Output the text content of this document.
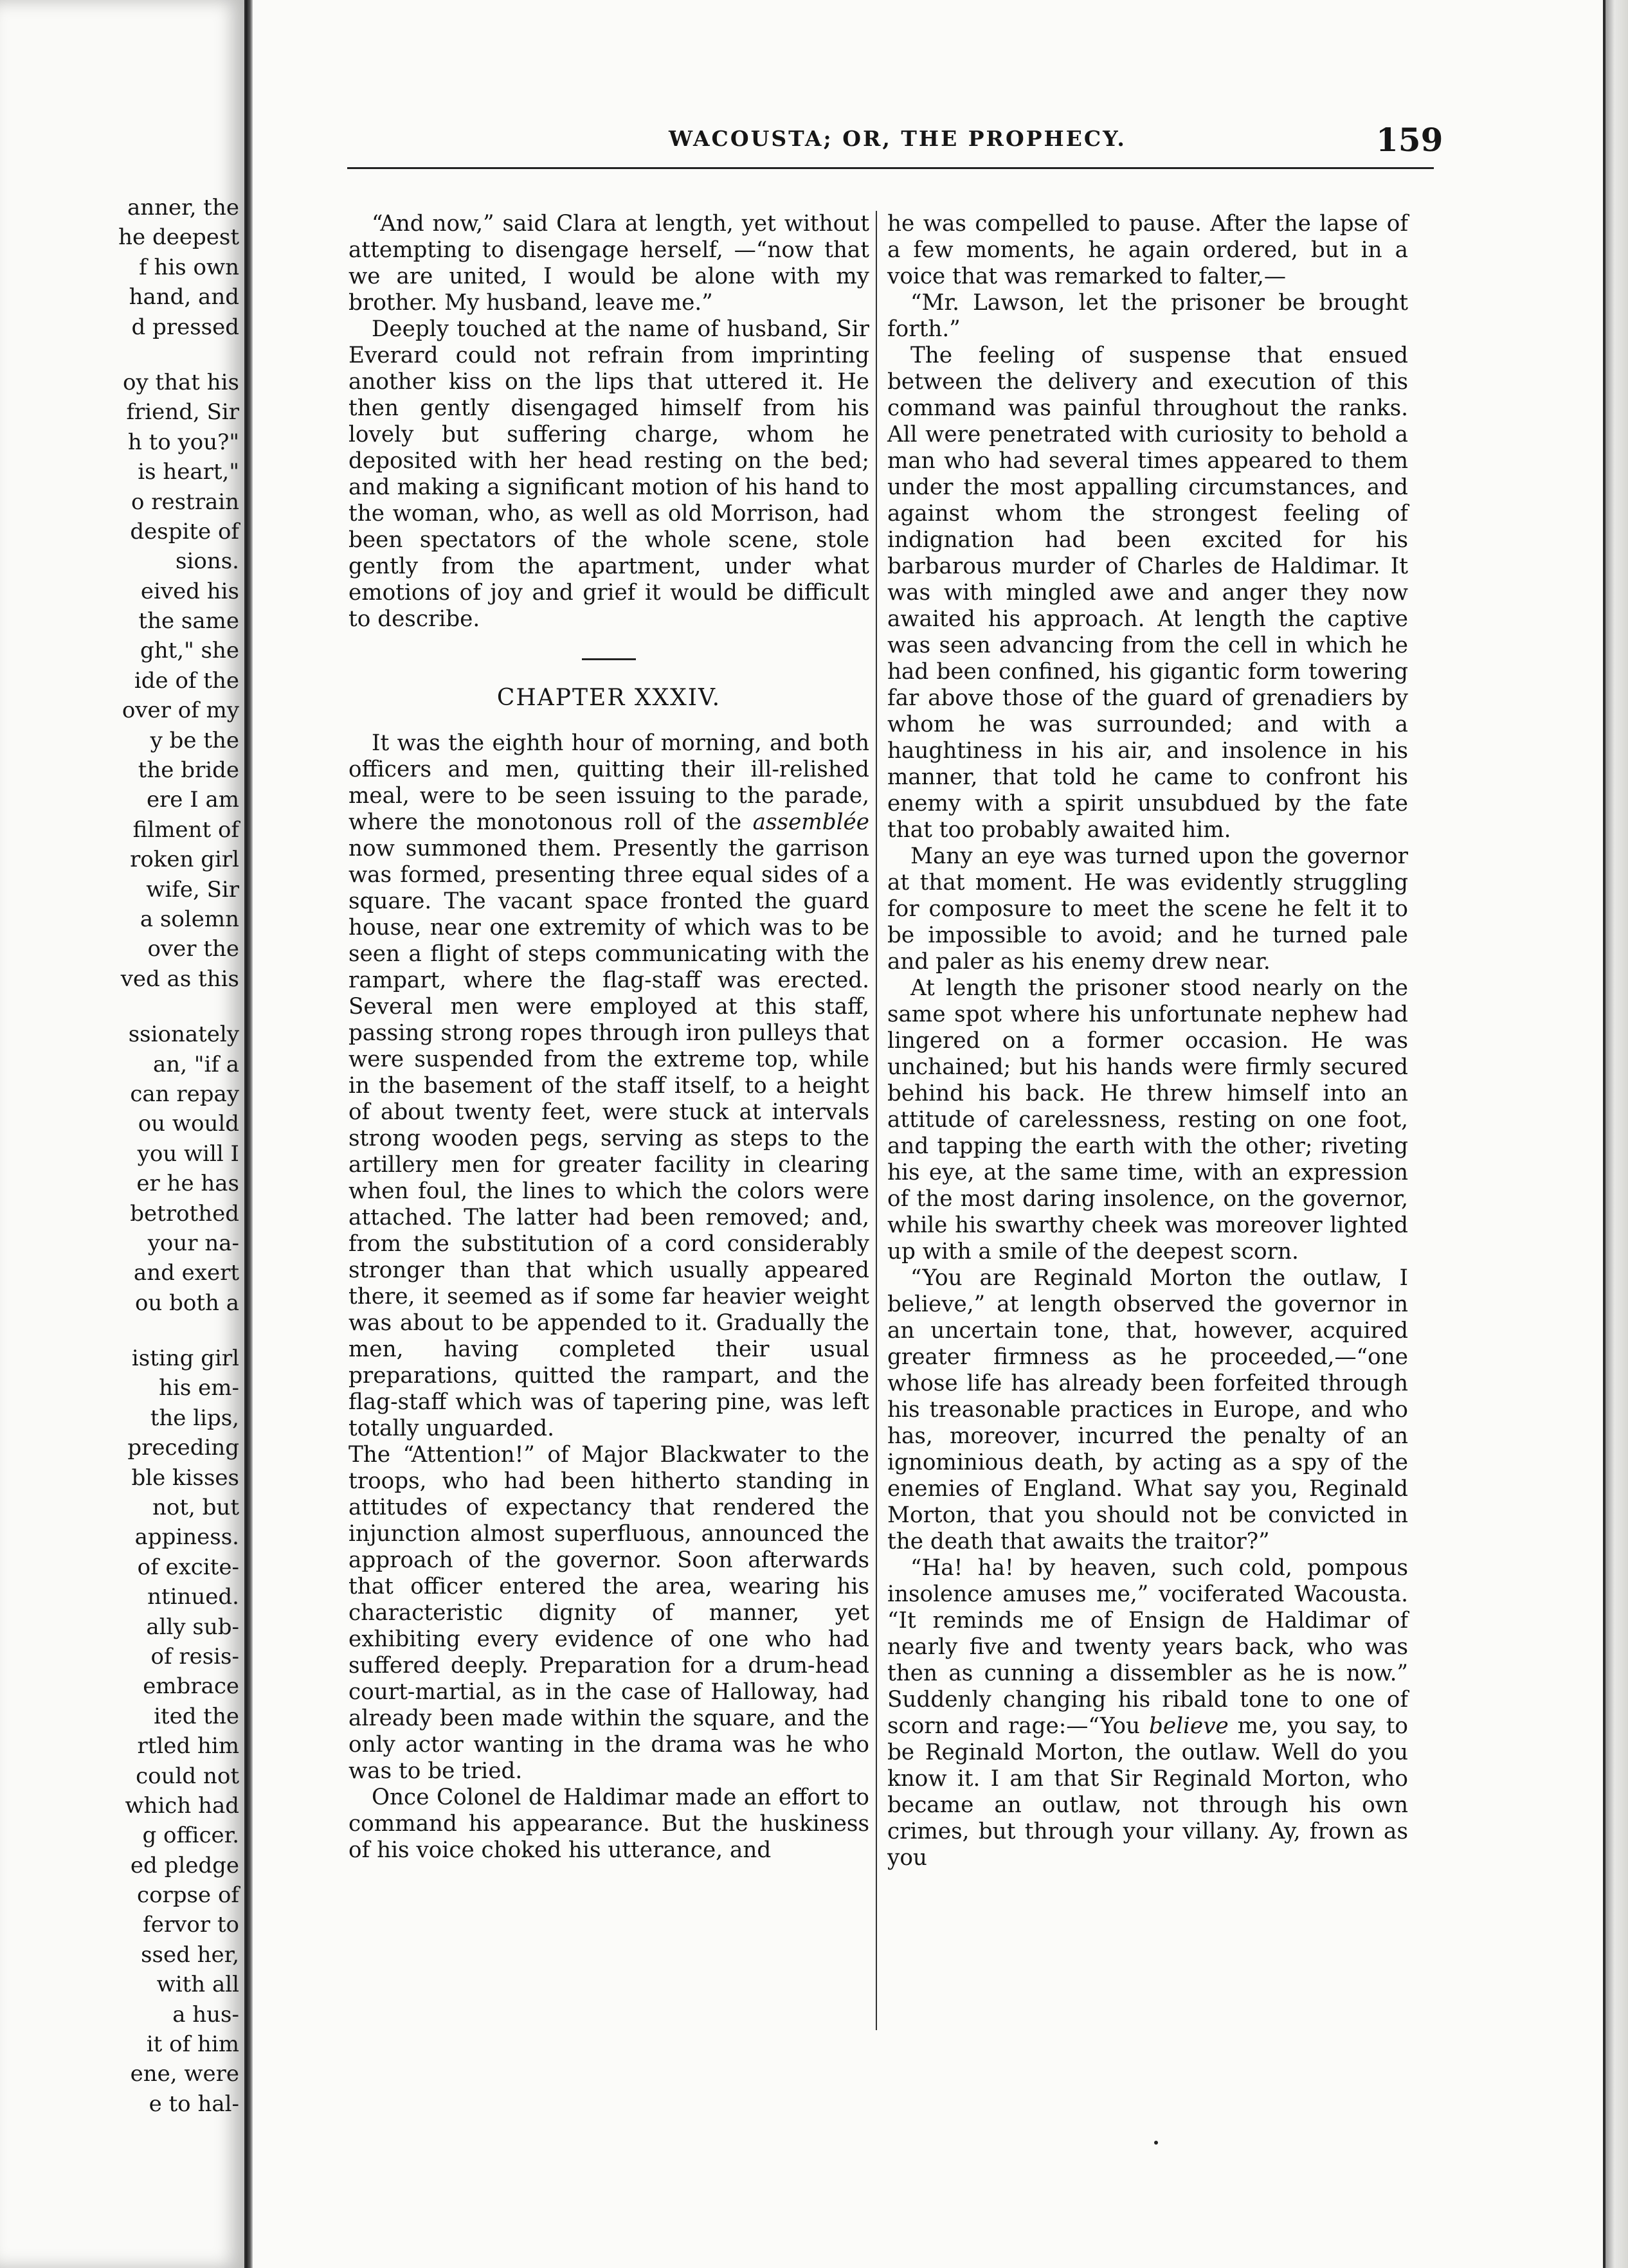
anner, the
he deepest
f his own
hand, and
d pressed
oy that his
friend, Sir
h to you?"
is heart,"
o restrain
despite of
sions.
eived his
the same
ght," she
ide of the
over of my
y be the
the bride
ere I am
filment of
roken girl
wife, Sir
a solemn
over the
ved as this
ssionately
an, "if a
can repay
ou would
you will I
er he has
betrothed
your na-
and exert
ou both a
isting girl
his em-
the lips,
preceding
ble kisses
not, but
appiness.
of excite-
ntinued.
ally sub-
of resis-
embrace
ited the
rtled him
could not
which had
g officer.
ed pledge
corpse of
fervor to
ssed her,
with all
a hus-
it of him
ene, were
e to hal-
WACOUSTA; OR, THE PROPHECY.	159

“And now,” said Clara at length, yet without attempting to disengage herself, —“now that we are united, I would be alone with my brother. My husband, leave me.”

Deeply touched at the name of husband, Sir Everard could not refrain from imprinting another kiss on the lips that uttered it. He then gently disengaged himself from his lovely but suffering charge, whom he deposited with her head resting on the bed; and making a significant motion of his hand to the woman, who, as well as old Morrison, had been spectators of the whole scene, stole gently from the apartment, under what emotions of joy and grief it would be difficult to describe.

CHAPTER XXXIV.

It was the eighth hour of morning, and both officers and men, quitting their ill-relished meal, were to be seen issuing to the parade, where the monotonous roll of the assemblée now summoned them. Presently the garrison was formed, presenting three equal sides of a square. The vacant space fronted the guard house, near one extremity of which was to be seen a flight of steps communicating with the rampart, where the flag-staff was erected. Several men were employed at this staff, passing strong ropes through iron pulleys that were suspended from the extreme top, while in the basement of the staff itself, to a height of about twenty feet, were stuck at intervals strong wooden pegs, serving as steps to the artillery men for greater facility in clearing when foul, the lines to which the colors were attached. The latter had been removed; and, from the substitution of a cord considerably stronger than that which usually appeared there, it seemed as if some far heavier weight was about to be appended to it. Gradually the men, having completed their usual preparations, quitted the rampart, and the flag-staff which was of tapering pine, was left totally unguarded.

The “Attention!” of Major Blackwater to the troops, who had been hitherto standing in attitudes of expectancy that rendered the injunction almost superfluous, announced the approach of the governor. Soon afterwards that officer entered the area, wearing his characteristic dignity of manner, yet exhibiting every evidence of one who had suffered deeply. Preparation for a drum-head court-martial, as in the case of Halloway, had already been made within the square, and the only actor wanting in the drama was he who was to be tried.

Once Colonel de Haldimar made an effort to command his appearance. But the huskiness of his voice choked his utterance, and

he was compelled to pause. After the lapse of a few moments, he again ordered, but in a voice that was remarked to falter,—

“Mr. Lawson, let the prisoner be brought forth.”

The feeling of suspense that ensued between the delivery and execution of this command was painful throughout the ranks. All were penetrated with curiosity to behold a man who had several times appeared to them under the most appalling circumstances, and against whom the strongest feeling of indignation had been excited for his barbarous murder of Charles de Haldimar. It was with mingled awe and anger they now awaited his approach. At length the captive was seen advancing from the cell in which he had been confined, his gigantic form towering far above those of the guard of grenadiers by whom he was surrounded; and with a haughtiness in his air, and insolence in his manner, that told he came to confront his enemy with a spirit unsubdued by the fate that too probably awaited him.

Many an eye was turned upon the governor at that moment. He was evidently struggling for composure to meet the scene he felt it to be impossible to avoid; and he turned pale and paler as his enemy drew near.

At length the prisoner stood nearly on the same spot where his unfortunate nephew had lingered on a former occasion. He was unchained; but his hands were firmly secured behind his back. He threw himself into an attitude of carelessness, resting on one foot, and tapping the earth with the other; riveting his eye, at the same time, with an expression of the most daring insolence, on the governor, while his swarthy cheek was moreover lighted up with a smile of the deepest scorn.

“You are Reginald Morton the outlaw, I believe,” at length observed the governor in an uncertain tone, that, however, acquired greater firmness as he proceeded,—“one whose life has already been forfeited through his treasonable practices in Europe, and who has, moreover, incurred the penalty of an ignominious death, by acting as a spy of the enemies of England. What say you, Reginald Morton, that you should not be convicted in the death that awaits the traitor?”

“Ha! ha! by heaven, such cold, pompous insolence amuses me,” vociferated Wacousta. “It reminds me of Ensign de Haldimar of nearly five and twenty years back, who was then as cunning a dissembler as he is now.” Suddenly changing his ribald tone to one of scorn and rage:—“You believe me, you say, to be Reginald Morton, the outlaw. Well do you know it. I am that Sir Reginald Morton, who became an outlaw, not through his own crimes, but through your villany. Ay, frown as you
